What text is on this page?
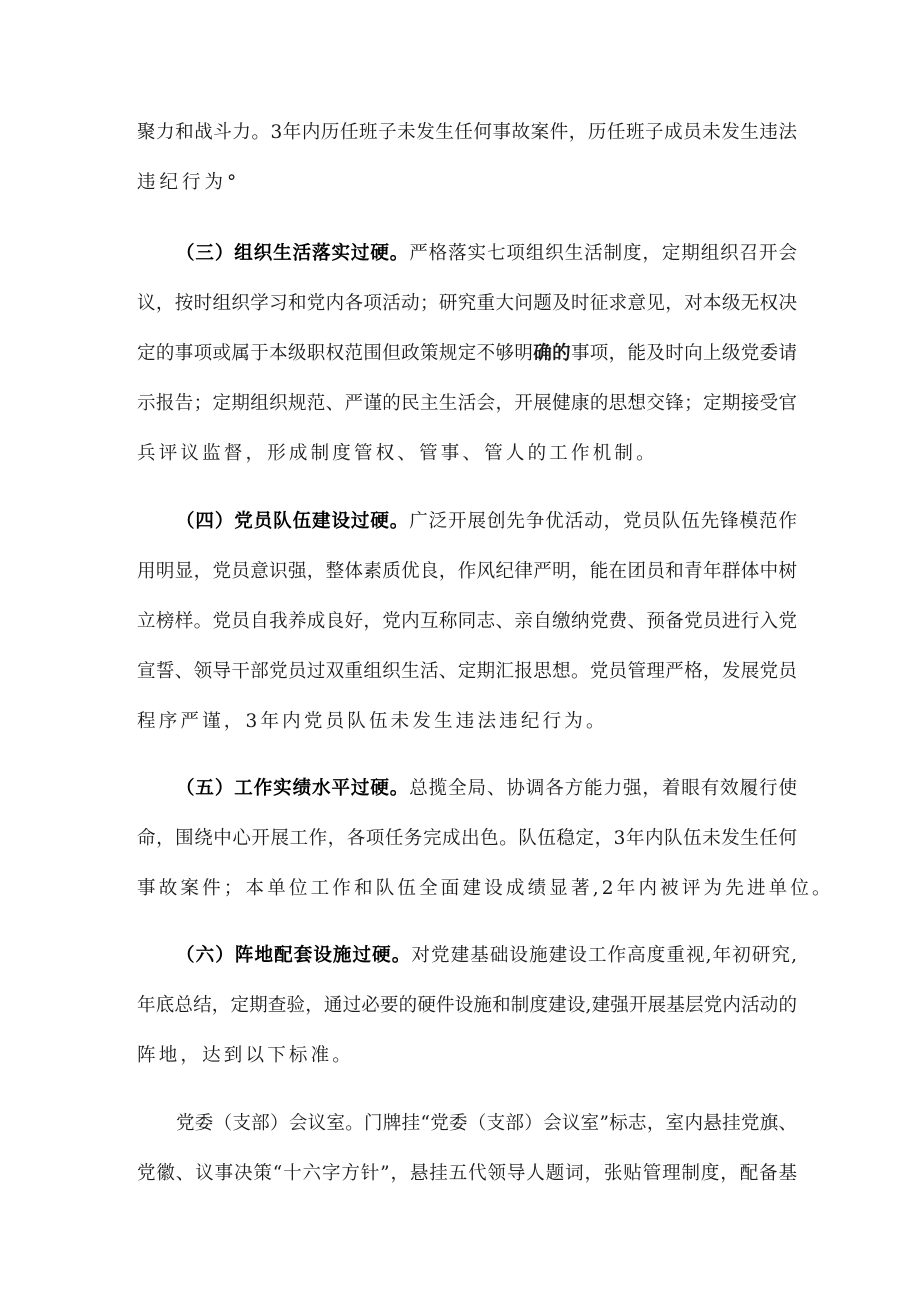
聚力和战斗力。3年内历任班子未发生任何事故案件，历任班子成员未发生违法
违纪行为°
（三）组织生活落实过硬。严格落实七项组织生活制度，定期组织召开会
议，按时组织学习和党内各项活动；研究重大问题及时征求意见，对本级无权决
定的事项或属于本级职权范围但政策规定不够明确的事项，能及时向上级党委请
示报告；定期组织规范、严谨的民主生活会，开展健康的思想交锋；定期接受官
兵评议监督，形成制度管权、管事、管人的工作机制。
（四）党员队伍建设过硬。广泛开展创先争优活动，党员队伍先锋模范作
用明显，党员意识强，整体素质优良，作风纪律严明，能在团员和青年群体中树
立榜样。党员自我养成良好，党内互称同志、亲自缴纳党费、预备党员进行入党
宣誓、领导干部党员过双重组织生活、定期汇报思想。党员管理严格，发展党员
程序严谨，3年内党员队伍未发生违法违纪行为。
（五）工作实绩水平过硬。总揽全局、协调各方能力强，着眼有效履行使
命，围绕中心开展工作，各项任务完成出色。队伍稳定，3年内队伍未发生任何
事故案件；本单位工作和队伍全面建设成绩显著,2年内被评为先进单位。
（六）阵地配套设施过硬。对党建基础设施建设工作高度重视,年初研究,
年底总结，定期查验，通过必要的硬件设施和制度建设,建强开展基层党内活动的
阵地，达到以下标准。
党委（支部）会议室。门牌挂“党委（支部）会议室”标志，室内悬挂党旗、
党徽、议事决策“十六字方针”，悬挂五代领导人题词，张贴管理制度，配备基
